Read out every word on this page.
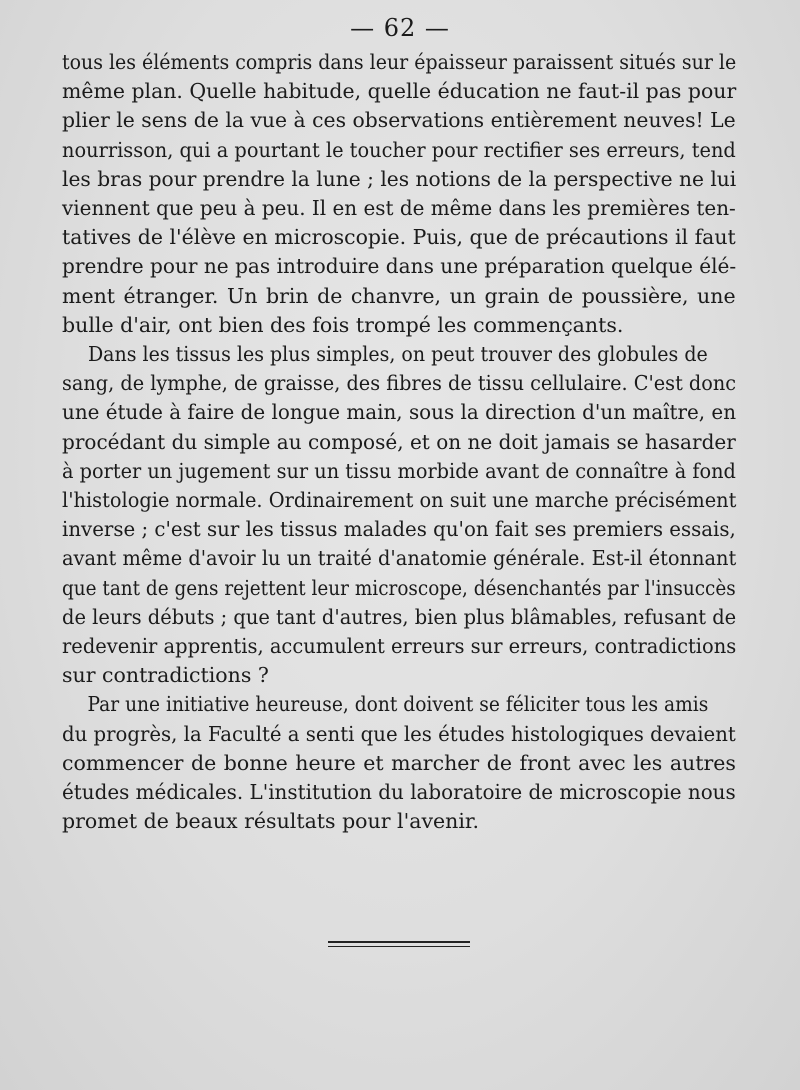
— 62 —

tous les éléments compris dans leur épaisseur paraissent situés sur le
même plan. Quelle habitude, quelle éducation ne faut-il pas pour
plier le sens de la vue à ces observations entièrement neuves! Le
nourrisson, qui a pourtant le toucher pour rectifier ses erreurs, tend
les bras pour prendre la lune ; les notions de la perspective ne lui
viennent que peu à peu. Il en est de même dans les premières ten-
tatives de l'élève en microscopie. Puis, que de précautions il faut
prendre pour ne pas introduire dans une préparation quelque élé-
ment étranger. Un brin de chanvre, un grain de poussière, une
bulle d'air, ont bien des fois trompé les commençants.

Dans les tissus les plus simples, on peut trouver des globules de
sang, de lymphe, de graisse, des fibres de tissu cellulaire. C'est donc
une étude à faire de longue main, sous la direction d'un maître, en
procédant du simple au composé, et on ne doit jamais se hasarder
à porter un jugement sur un tissu morbide avant de connaître à fond
l'histologie normale. Ordinairement on suit une marche précisément
inverse ; c'est sur les tissus malades qu'on fait ses premiers essais,
avant même d'avoir lu un traité d'anatomie générale. Est-il étonnant
que tant de gens rejettent leur microscope, désenchantés par l'insuccès
de leurs débuts ; que tant d'autres, bien plus blâmables, refusant de
redevenir apprentis, accumulent erreurs sur erreurs, contradictions
sur contradictions ?

Par une initiative heureuse, dont doivent se féliciter tous les amis
du progrès, la Faculté a senti que les études histologiques devaient
commencer de bonne heure et marcher de front avec les autres
études médicales. L'institution du laboratoire de microscopie nous
promet de beaux résultats pour l'avenir.
